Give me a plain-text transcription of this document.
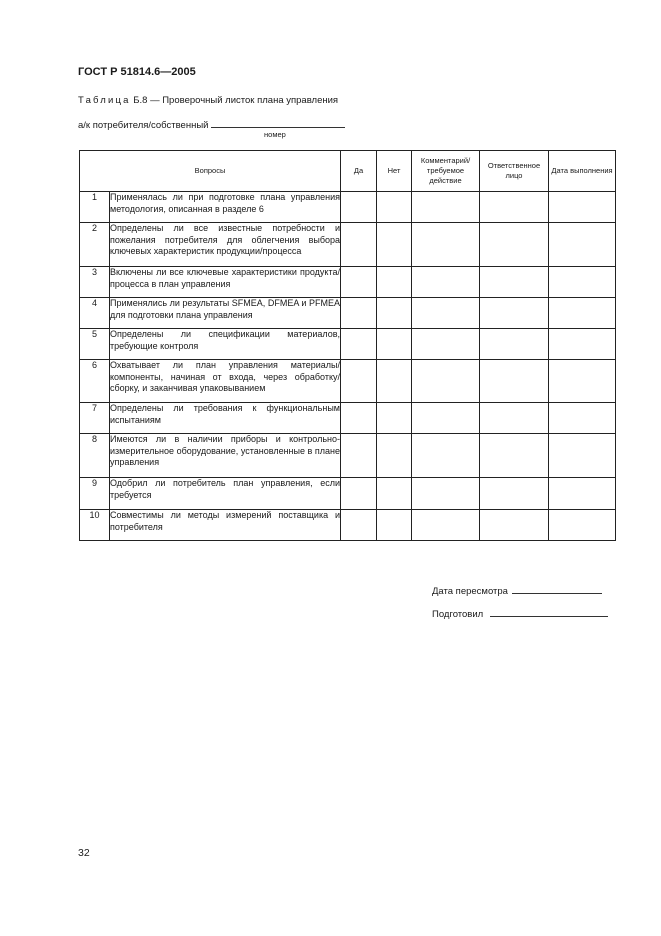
ГОСТ Р 51814.6—2005
Таблица Б.8 — Проверочный листок плана управления
а/к потребителя/собственный
номер
Вопросы		Да	Нет	Комментарий/ требуемое действие	Ответственное лицо	Дата выполнения
1	Применялась ли при подготовке плана управления методология, описанная в разделе 6					
2	Определены ли все известные потребности и пожелания потребителя для облегчения выбора ключевых характеристик продукции/процесса					
3	Включены ли все ключевые характеристики продукта/процесса в план управления					
4	Применялись ли результаты SFMEA, DFMEA и PFMEA для подготовки плана управления					
5	Определены ли спецификации материалов, требующие контроля					
6	Охватывает ли план управления материалы/ компоненты, начиная от входа, через обработку/ сборку, и заканчивая упаковыванием					
7	Определены ли требования к функциональным испытаниям					
8	Имеются ли в наличии приборы и контрольно-измерительное оборудование, установленные в плане управления					
9	Одобрил ли потребитель план управления, если требуется					
10	Совместимы ли методы измерений поставщика и потребителя					
Дата пересмотра
Подготовил
32
